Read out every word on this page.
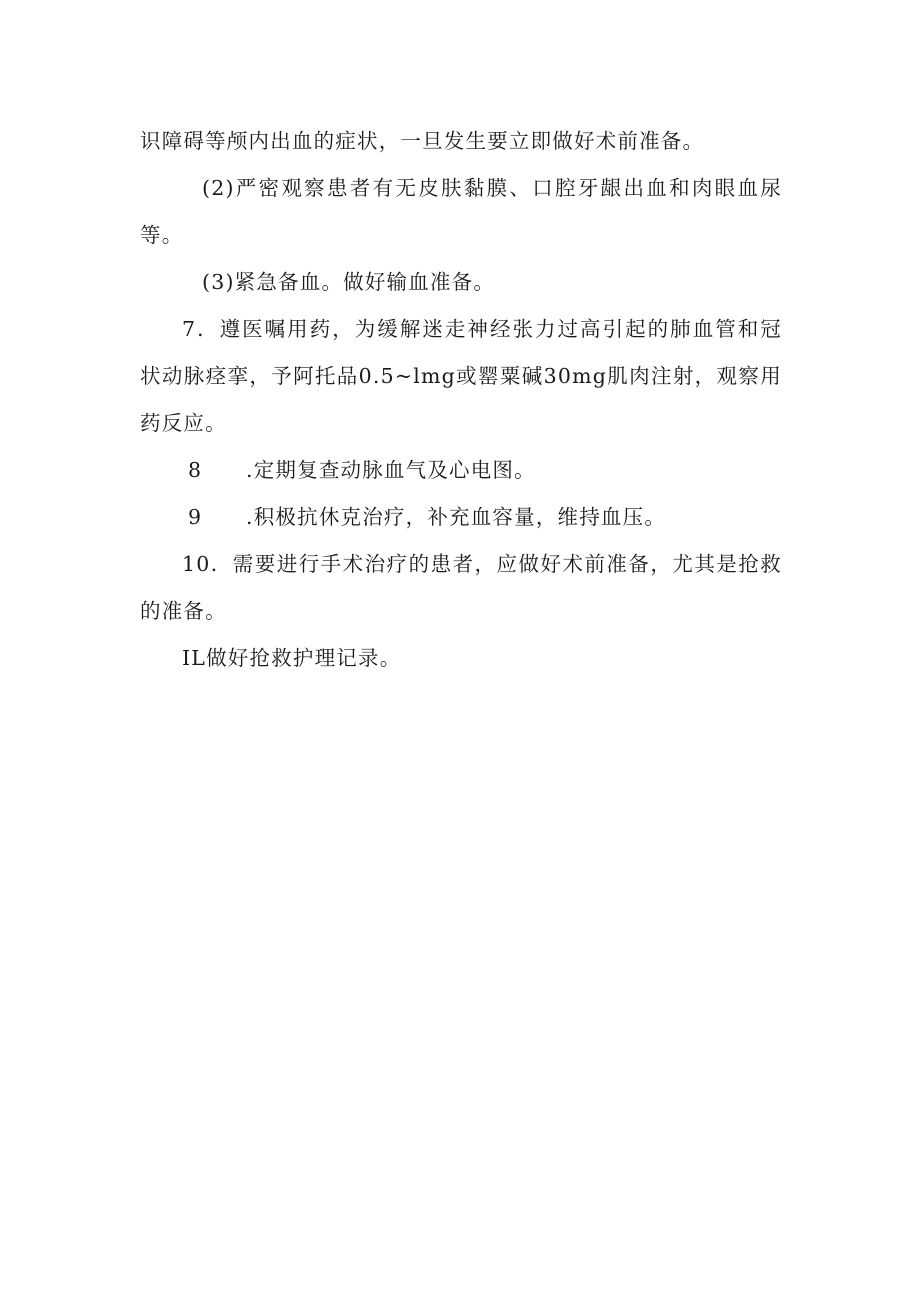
识障碍等颅内出血的症状，一旦发生要立即做好术前准备。

(2)严密观察患者有无皮肤黏膜、口腔牙龈出血和肉眼血尿等。

(3)紧急备血。做好输血准备。

7．遵医嘱用药，为缓解迷走神经张力过高引起的肺血管和冠状动脉痉挛，予阿托品0.5~lmg或罂粟碱30mg肌肉注射，观察用药反应。

8 .定期复查动脉血气及心电图。
9 .积极抗休克治疗，补充血容量，维持血压。

10．需要进行手术治疗的患者，应做好术前准备，尤其是抢救的准备。

IL做好抢救护理记录。
